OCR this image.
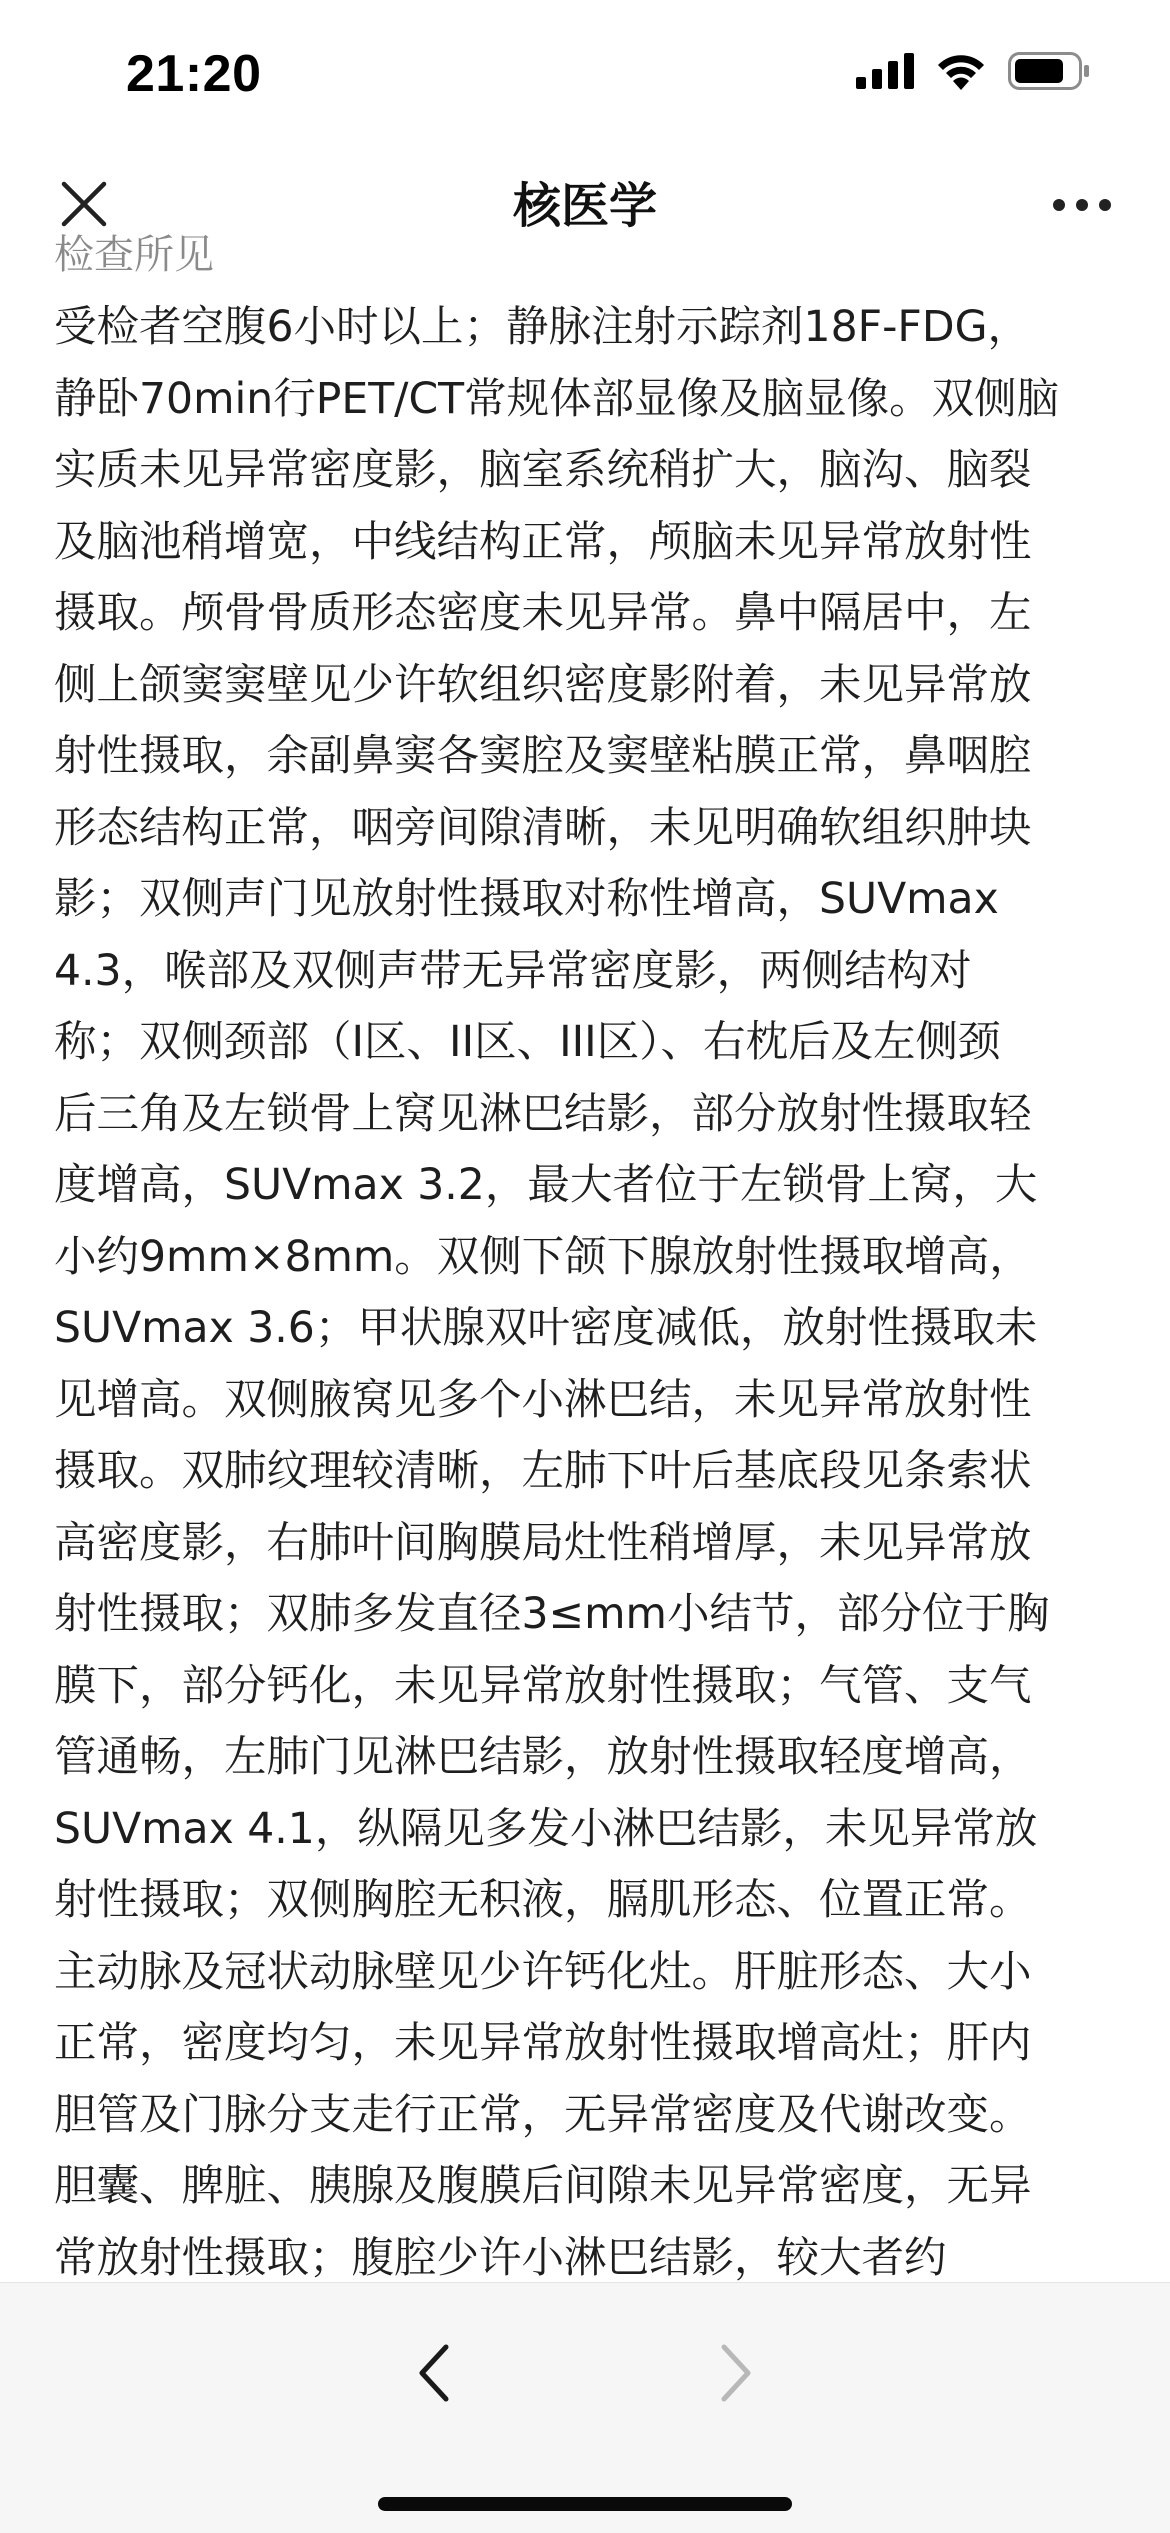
21:20
核医学

检查所见

受检者空腹6小时以上；静脉注射示踪剂18F-FDG，
静卧70min行PET/CT常规体部显像及脑显像。双侧脑
实质未见异常密度影，脑室系统稍扩大，脑沟、脑裂
及脑池稍增宽，中线结构正常，颅脑未见异常放射性
摄取。颅骨骨质形态密度未见异常。鼻中隔居中，左
侧上颌窦窦壁见少许软组织密度影附着，未见异常放
射性摄取，余副鼻窦各窦腔及窦壁粘膜正常，鼻咽腔
形态结构正常，咽旁间隙清晰，未见明确软组织肿块
影；双侧声门见放射性摄取对称性增高，SUVmax
4.3，喉部及双侧声带无异常密度影，两侧结构对
称；双侧颈部（I区、II区、III区）、右枕后及左侧颈
后三角及左锁骨上窝见淋巴结影，部分放射性摄取轻
度增高，SUVmax 3.2，最大者位于左锁骨上窝，大
小约9mm×8mm。双侧下颌下腺放射性摄取增高，
SUVmax 3.6；甲状腺双叶密度减低，放射性摄取未
见增高。双侧腋窝见多个小淋巴结，未见异常放射性
摄取。双肺纹理较清晰，左肺下叶后基底段见条索状
高密度影，右肺叶间胸膜局灶性稍增厚，未见异常放
射性摄取；双肺多发直径3≤mm小结节，部分位于胸
膜下，部分钙化，未见异常放射性摄取；气管、支气
管通畅，左肺门见淋巴结影，放射性摄取轻度增高，
SUVmax 4.1，纵隔见多发小淋巴结影，未见异常放
射性摄取；双侧胸腔无积液，膈肌形态、位置正常。
主动脉及冠状动脉壁见少许钙化灶。肝脏形态、大小
正常，密度均匀，未见异常放射性摄取增高灶；肝内
胆管及门脉分支走行正常，无异常密度及代谢改变。
胆囊、脾脏、胰腺及腹膜后间隙未见异常密度，无异
常放射性摄取；腹腔少许小淋巴结影，较大者约
